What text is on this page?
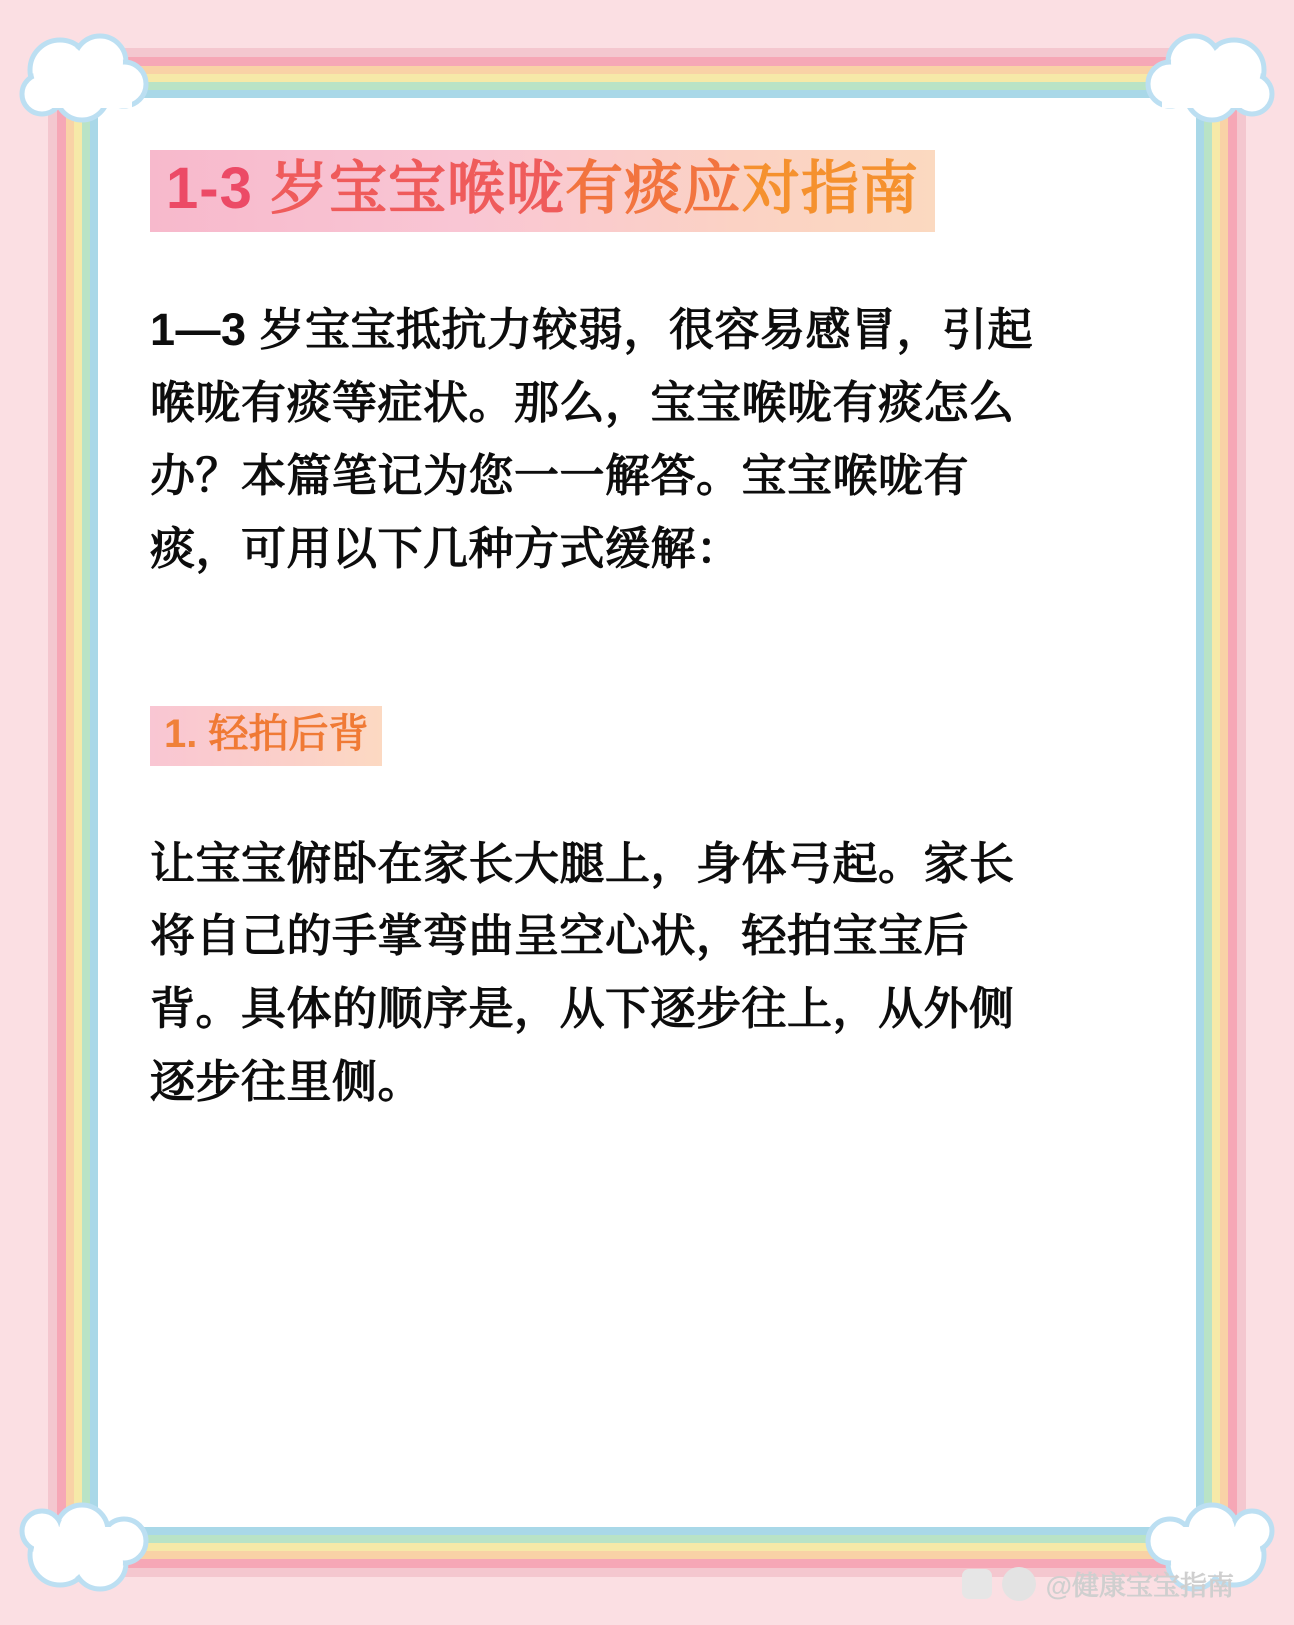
1-3 岁宝宝喉咙有痰应对指南

1—3 岁宝宝抵抗力较弱，很容易感冒，引起喉咙有痰等症状。那么，宝宝喉咙有痰怎么办？本篇笔记为您一一解答。宝宝喉咙有痰，可用以下几种方式缓解：

1. 轻拍后背

让宝宝俯卧在家长大腿上，身体弓起。家长将自己的手掌弯曲呈空心状，轻拍宝宝后背。具体的顺序是，从下逐步往上，从外侧逐步往里侧。

@健康宝宝指南
